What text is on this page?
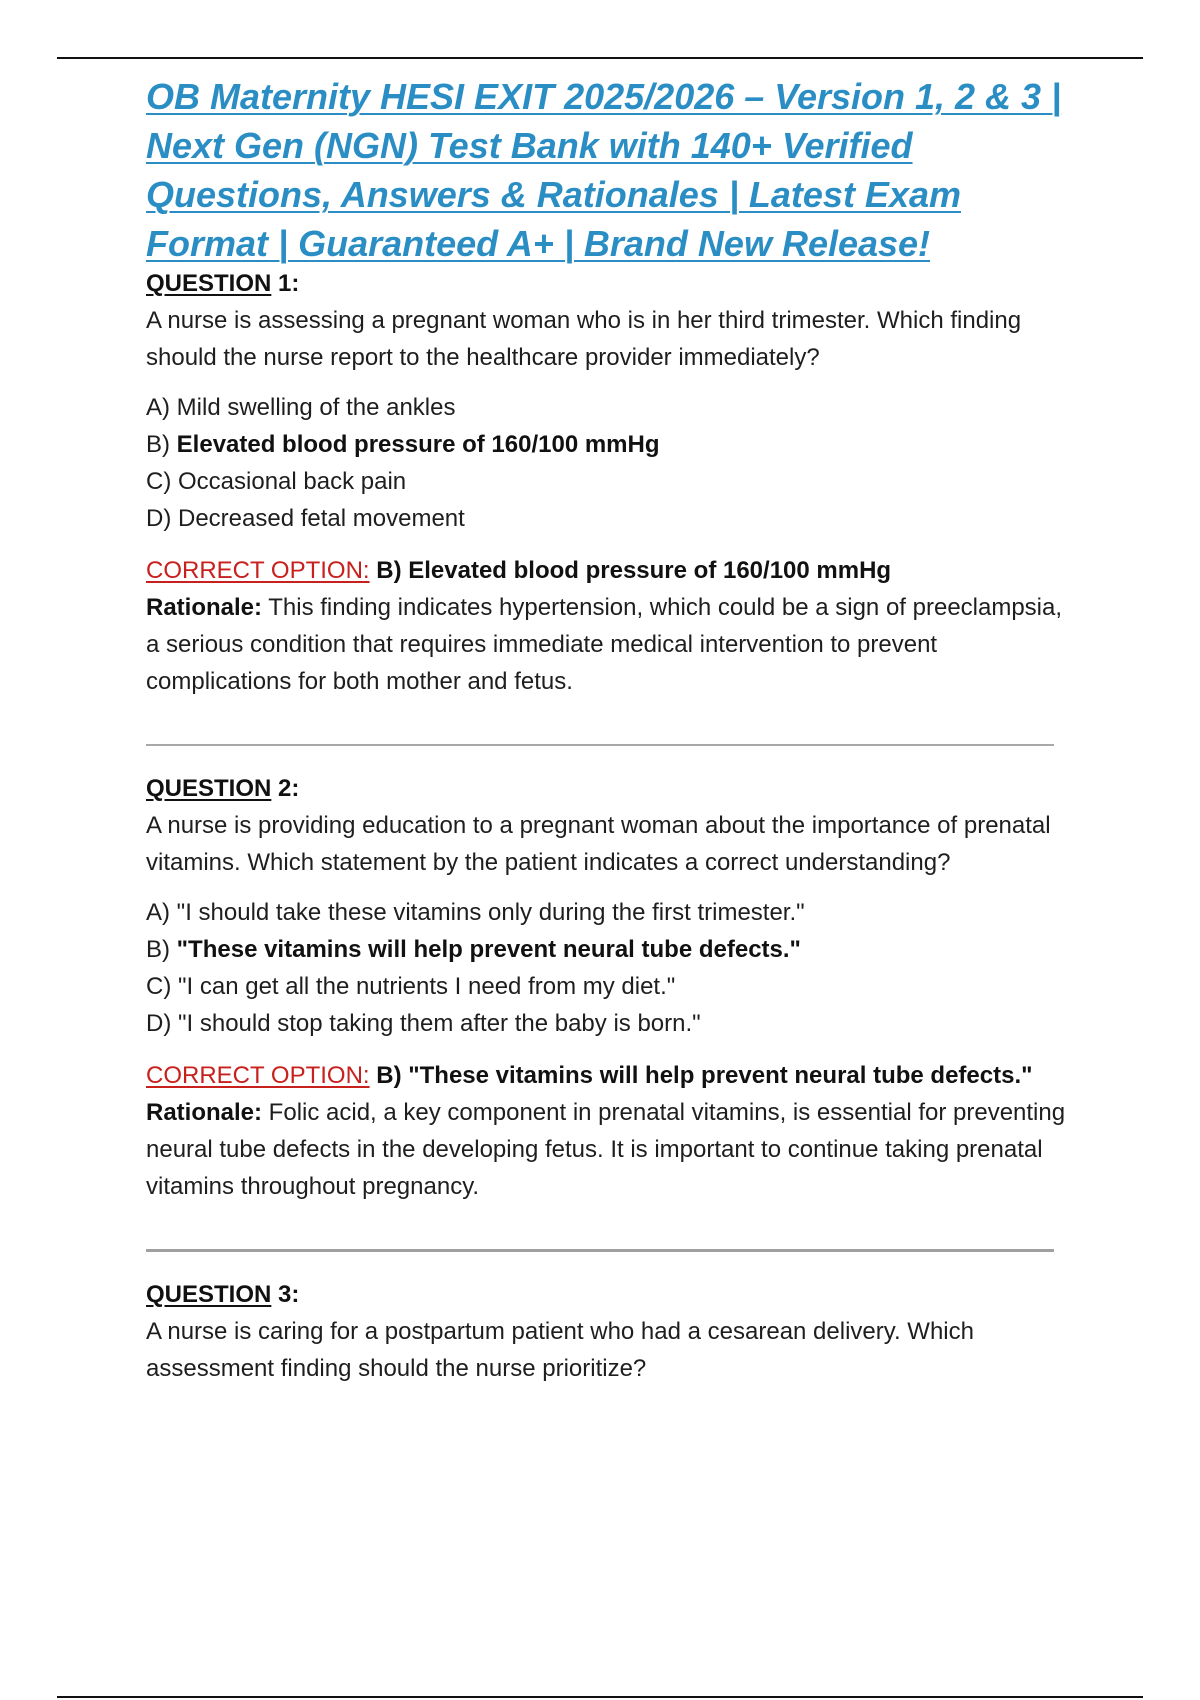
OB Maternity HESI EXIT 2025/2026 – Version 1, 2 & 3 | Next Gen (NGN) Test Bank with 140+ Verified Questions, Answers & Rationales | Latest Exam Format | Guaranteed A+ | Brand New Release!

QUESTION 1:

A nurse is assessing a pregnant woman who is in her third trimester. Which finding should the nurse report to the healthcare provider immediately?

A) Mild swelling of the ankles
B) Elevated blood pressure of 160/100 mmHg
C) Occasional back pain
D) Decreased fetal movement

CORRECT OPTION: B) Elevated blood pressure of 160/100 mmHg

Rationale: This finding indicates hypertension, which could be a sign of preeclampsia, a serious condition that requires immediate medical intervention to prevent complications for both mother and fetus.

QUESTION 2:

A nurse is providing education to a pregnant woman about the importance of prenatal vitamins. Which statement by the patient indicates a correct understanding?

A) "I should take these vitamins only during the first trimester."
B) "These vitamins will help prevent neural tube defects."
C) "I can get all the nutrients I need from my diet."
D) "I should stop taking them after the baby is born."

CORRECT OPTION: B) "These vitamins will help prevent neural tube defects."

Rationale: Folic acid, a key component in prenatal vitamins, is essential for preventing neural tube defects in the developing fetus. It is important to continue taking prenatal vitamins throughout pregnancy.

QUESTION 3:

A nurse is caring for a postpartum patient who had a cesarean delivery. Which assessment finding should the nurse prioritize?
